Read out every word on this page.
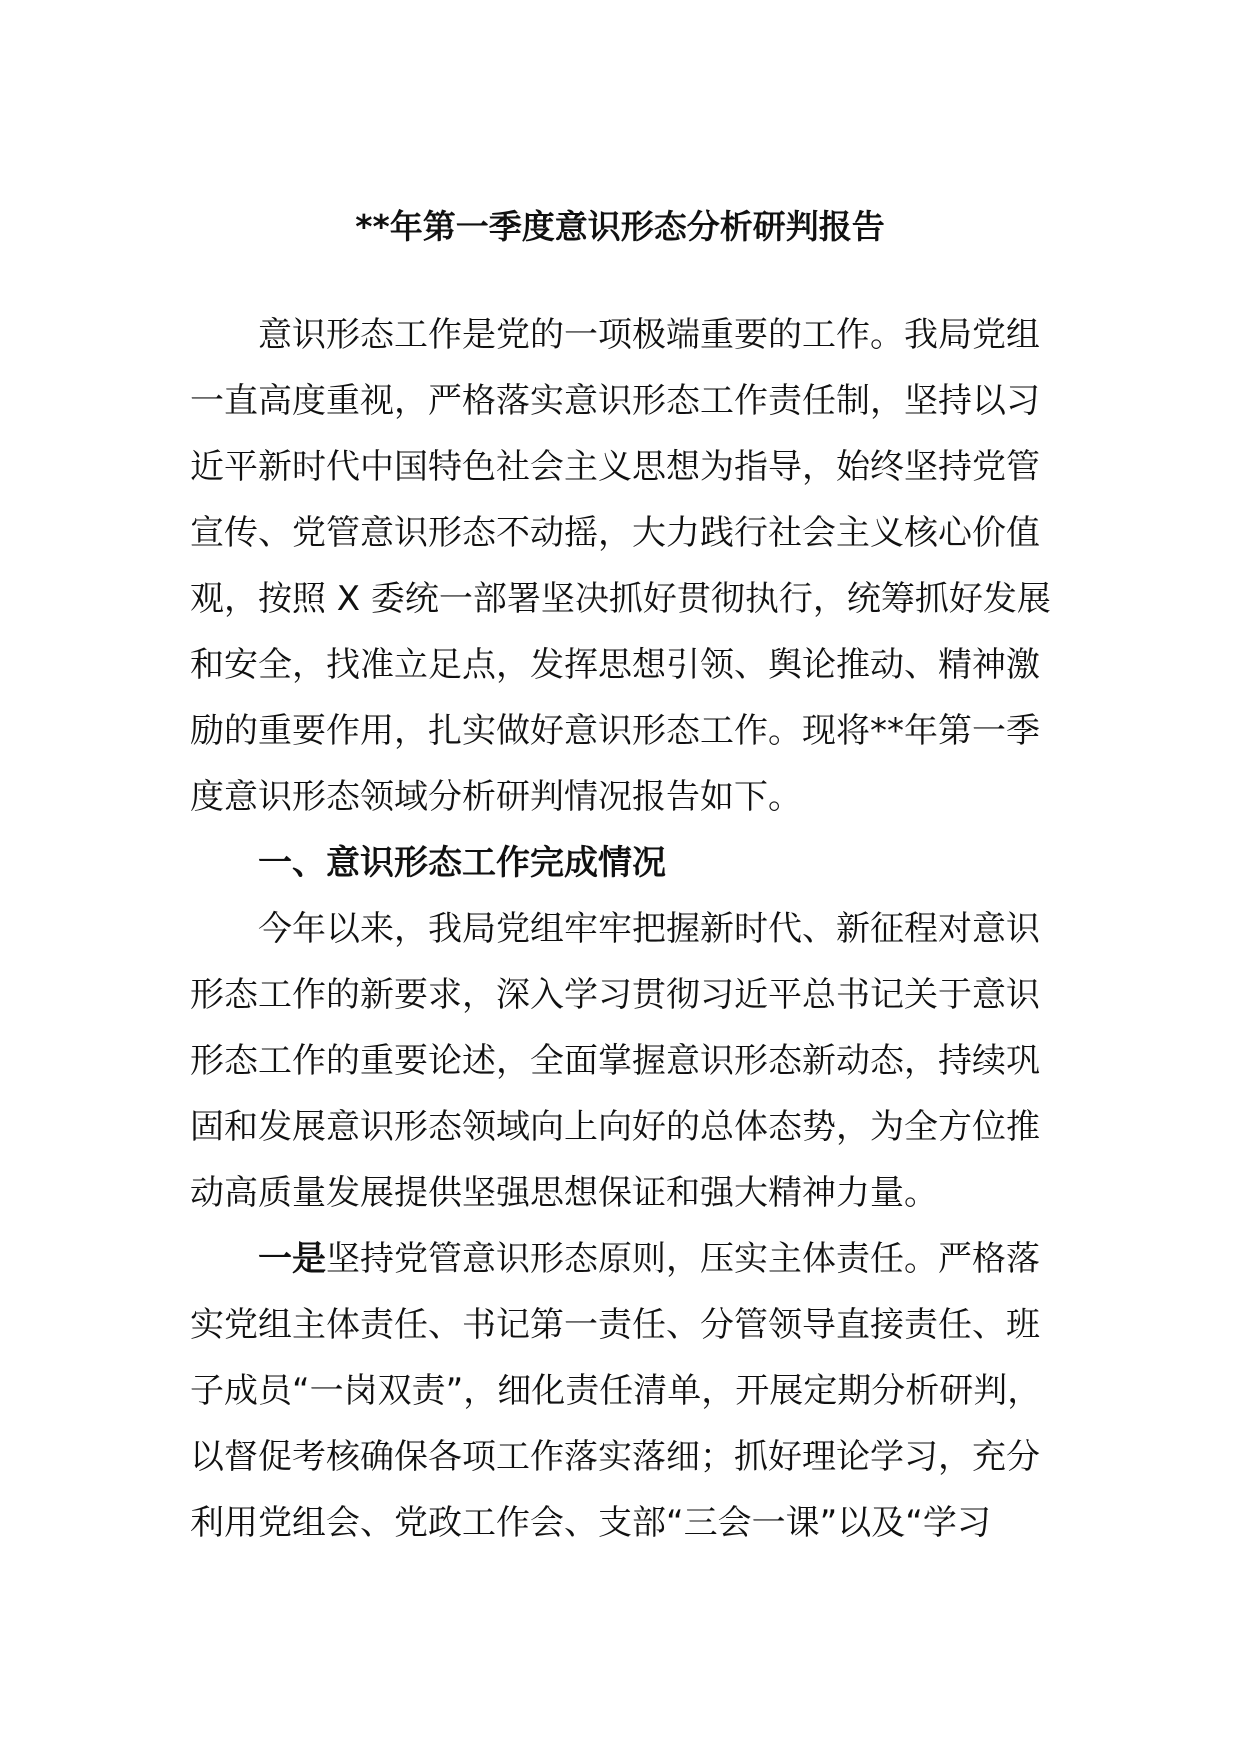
**年第一季度意识形态分析研判报告
意识形态工作是党的一项极端重要的工作。我局党组
一直高度重视，严格落实意识形态工作责任制，坚持以习
近平新时代中国特色社会主义思想为指导，始终坚持党管
宣传、党管意识形态不动摇，大力践行社会主义核心价值
观，按照 X 委统一部署坚决抓好贯彻执行，统筹抓好发展
和安全，找准立足点，发挥思想引领、舆论推动、精神激
励的重要作用，扎实做好意识形态工作。现将**年第一季
度意识形态领域分析研判情况报告如下。
一、意识形态工作完成情况
今年以来，我局党组牢牢把握新时代、新征程对意识
形态工作的新要求，深入学习贯彻习近平总书记关于意识
形态工作的重要论述，全面掌握意识形态新动态，持续巩
固和发展意识形态领域向上向好的总体态势，为全方位推
动高质量发展提供坚强思想保证和强大精神力量。
一是坚持党管意识形态原则，压实主体责任。严格落
实党组主体责任、书记第一责任、分管领导直接责任、班
子成员“一岗双责”，细化责任清单，开展定期分析研判，
以督促考核确保各项工作落实落细；抓好理论学习，充分
利用党组会、党政工作会、支部“三会一课”以及“学习
